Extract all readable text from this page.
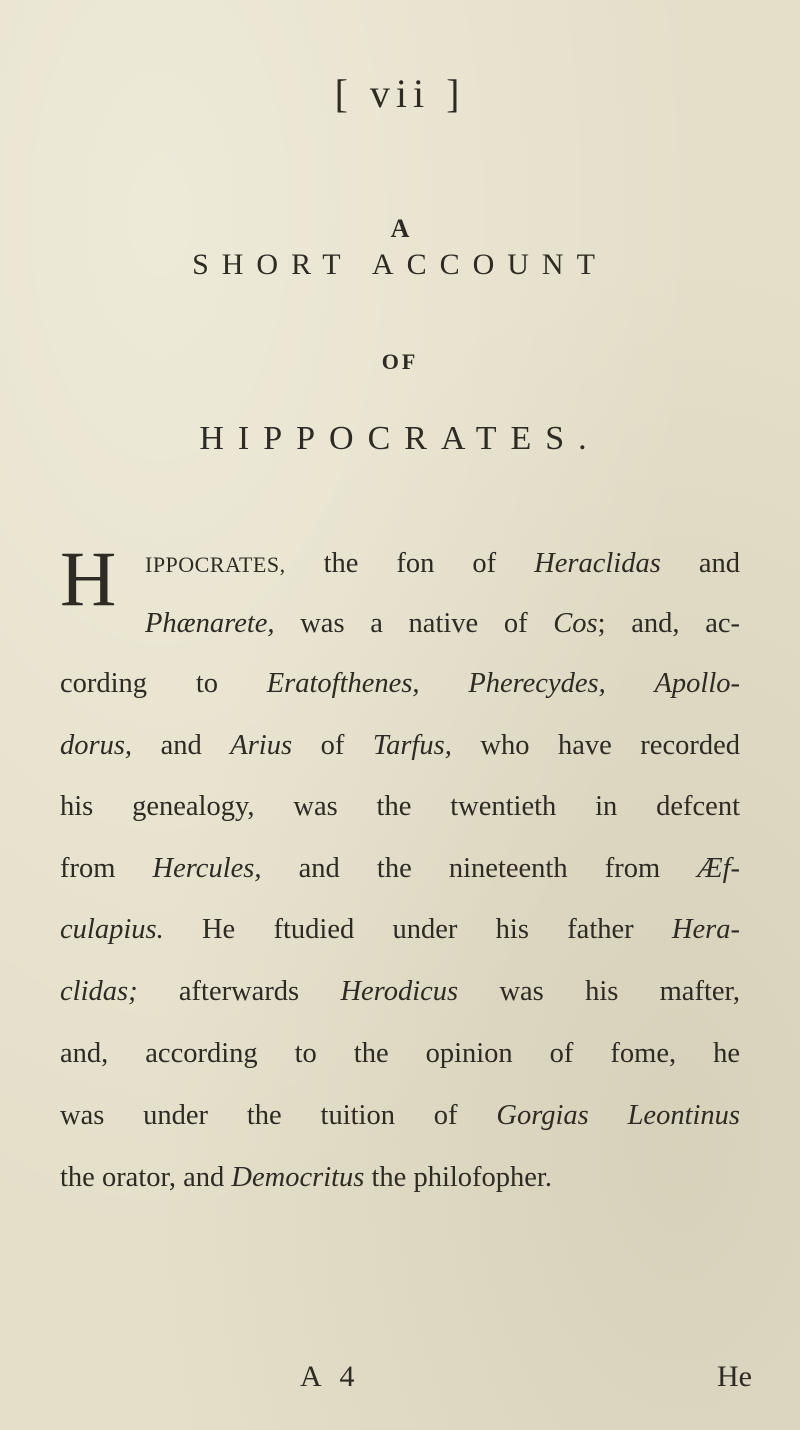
[ vii ]
A
SHORT ACCOUNT
OF
HIPPOCRATES.
H IPPOCRATES, the fon of Heraclidas and
Phænarete, was a native of Cos; and, ac-
cording to Eratofthenes, Pherecydes, Apollo-
dorus, and Arius of Tarfus, who have recorded
his genealogy, was the twentieth in defcent
from Hercules, and the nineteenth from Æf-
culapius. He ftudied under his father Hera-
clidas; afterwards Herodicus was his mafter,
and, according to the opinion of fome, he
was under the tuition of Gorgias Leontinus
the orator, and Democritus the philofopher.
A 4	He
